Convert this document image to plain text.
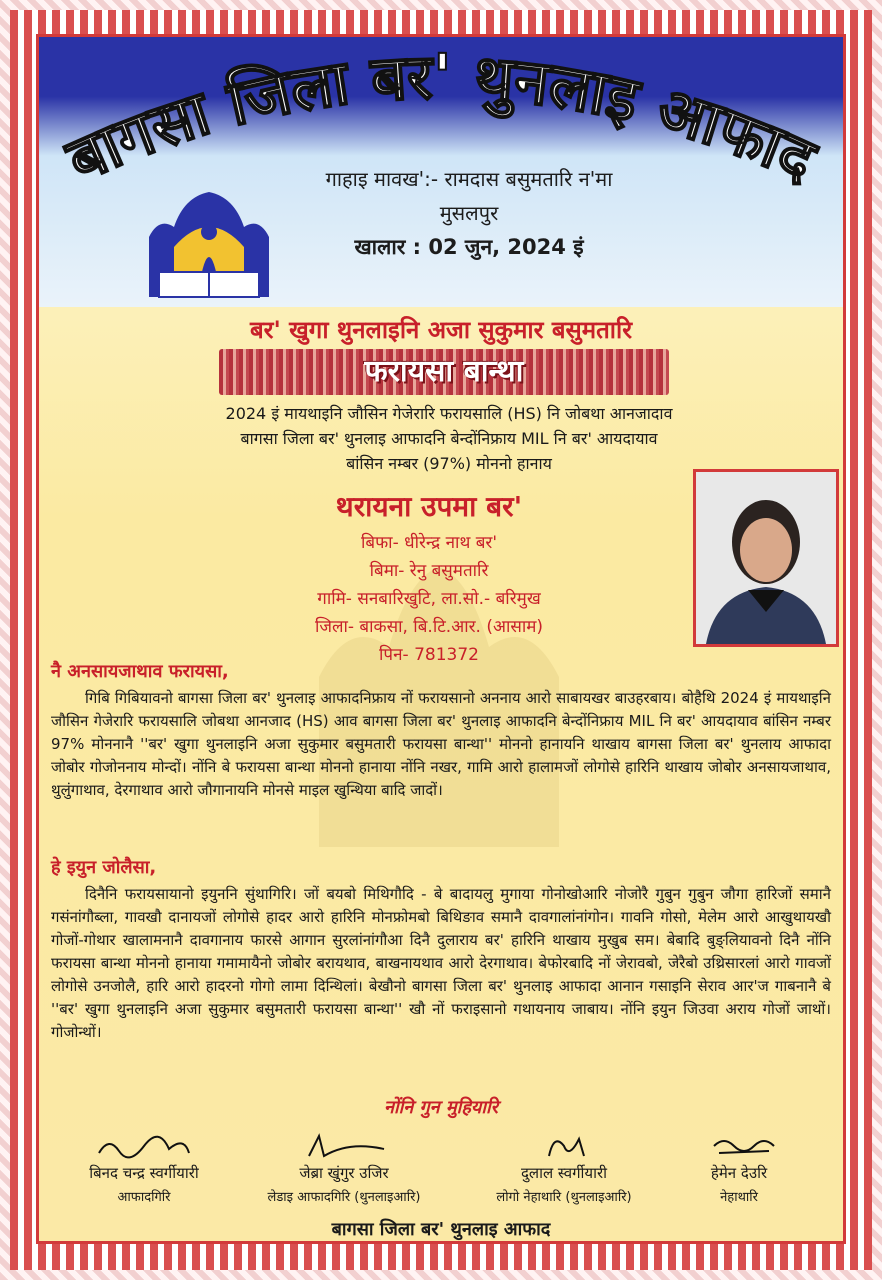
बागसा जिला बर' थुनलाइ आफाद
गाहाइ मावख':- रामदास बसुमतारि न'मा
मुसलपुर
खालार : 02 जुन, 2024 इं
बर' खुगा थुनलाइनि अजा सुकुमार बसुमतारि
फरायसा बान्था
2024 इं मायथाइनि जौसिन गेजेरारि फरायसालि (HS) नि जोबथा आनजादाव
बागसा जिला बर' थुनलाइ आफादनि बेन्दोंनिफ्राय MIL नि बर' आयदायाव
बांसिन नम्बर (97%) मोननो हानाय
थरायना उपमा बर'
बिफा- धीरेन्द्र नाथ बर'
बिमा- रेनु बसुमतारि
गामि- सनबारिखुटि, ला.सो.- बरिमुख
जिला- बाकसा, बि.टि.आर. (आसाम)
पिन- 781372
नै अनसायजाथाव फरायसा,
गिबि गिबियावनो बागसा जिला बर' थुनलाइ आफादनिफ्राय नों फरायसानो अननाय आरो साबायखर बाउहरबाय। बोहैथि 2024 इं मायथाइनि जौसिन गेजेरारि फरायसालि जोबथा आनजाद (HS) आव बागसा जिला बर' थुनलाइ आफादनि बेन्दोंनिफ्राय MIL नि बर' आयदायाव बांसिन नम्बर 97% मोननानै ''बर' खुगा थुनलाइनि अजा सुकुमार बसुमतारी फरायसा बान्था'' मोननो हानायनि थाखाय बागसा जिला बर' थुनलाय आफादा जोबोर गोजोननाय मोन्दों। नोंनि बे फरायसा बान्था मोननो हानाया नोंनि नखर, गामि आरो हालामजों लोगोसे हारिनि थाखाय जोबोर अनसायजाथाव, थुलुंगाथाव, देरगाथाव आरो जौगानायनि मोनसे माइल खुन्थिया बादि जादों।
हे इयुन जोलैसा,
दिनैनि फरायसायानो इयुननि सुंथागिरि। जों बयबो मिथिगौदि - बे बादायलु मुगाया गोनोखोआरि नोजोरै गुबुन गुबुन जौगा हारिजों समानै गसंनांगौब्ला, गावखौ दानायजों लोगोसे हादर आरो हारिनि मोनफ्रोमबो बिथिङाव समानै दावगालांनांगोन। गावनि गोसो, मेलेम आरो आखुथायखौ गोजों-गोथार खालामनानै दावगानाय फारसे आगान सुरलांनांगौआ दिनै दुलाराय बर' हारिनि थाखाय मुखुब सम। बेबादि बुङ्लियावनो दिनै नोंनि फरायसा बान्था मोननो हानाया गमामायैनो जोबोर बरायथाव, बाखनायथाव आरो देरगाथाव। बेफोरबादि नों जेरावबो, जेरैबो उथ्रिसारलां आरो गावजों लोगोसे उनजोलै, हारि आरो हादरनो गोगो लामा दिन्थिलां। बेखौनो बागसा जिला बर' थुनलाइ आफादा आनान गसाइनि सेराव आर'ज गाबनानै बे ''बर' खुगा थुनलाइनि अजा सुकुमार बसुमतारी फरायसा बान्था'' खौ नों फराइसानो गथायनाय जाबाय। नोंनि इयुन जिउवा अराय गोजों जाथों। गोजोन्थों।
नोंनि गुन मुहियारि
बिनद चन्द्र स्वर्गीयारी
आफादगिरि
जेब्रा खुंगुर उजिर
लेडाइ आफादगिरि (थुनलाइआरि)
दुलाल स्वर्गीयारी
लोगो नेहाथारि (थुनलाइआरि)
हेमेन देउरि
नेहाथारि
बागसा जिला बर' थुनलाइ आफाद
